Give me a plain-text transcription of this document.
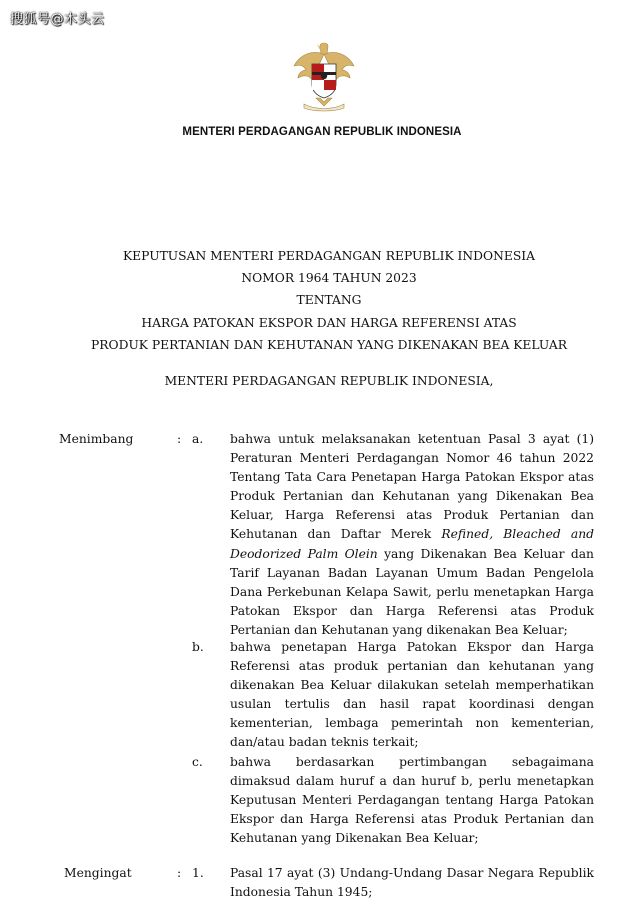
搜狐号@木头云
MENTERI PERDAGANGAN REPUBLIK INDONESIA
KEPUTUSAN MENTERI PERDAGANGAN REPUBLIK INDONESIA
NOMOR 1964 TAHUN 2023
TENTANG
HARGA PATOKAN EKSPOR DAN HARGA REFERENSI ATAS
PRODUK PERTANIAN DAN KEHUTANAN YANG DIKENAKAN BEA KELUAR
MENTERI PERDAGANGAN REPUBLIK INDONESIA,
Menimbang	: a. bahwa untuk melaksanakan ketentuan Pasal 3 ayat (1)
Peraturan Menteri Perdagangan Nomor 46 tahun 2022
Tentang Tata Cara Penetapan Harga Patokan Ekspor atas
Produk Pertanian dan Kehutanan yang Dikenakan Bea
Keluar, Harga Referensi atas Produk Pertanian dan
Kehutanan dan Daftar Merek Refined, Bleached and
Deodorized Palm Olein yang Dikenakan Bea Keluar dan
Tarif Layanan Badan Layanan Umum Badan Pengelola
Dana Perkebunan Kelapa Sawit, perlu menetapkan Harga
Patokan Ekspor dan Harga Referensi atas Produk
Pertanian dan Kehutanan yang dikenakan Bea Keluar;
b. bahwa penetapan Harga Patokan Ekspor dan Harga
Referensi atas produk pertanian dan kehutanan yang
dikenakan Bea Keluar dilakukan setelah memperhatikan
usulan tertulis dan hasil rapat koordinasi dengan
kementerian, lembaga pemerintah non kementerian,
dan/atau badan teknis terkait;
c. bahwa berdasarkan pertimbangan sebagaimana
dimaksud dalam huruf a dan huruf b, perlu menetapkan
Keputusan Menteri Perdagangan tentang Harga Patokan
Ekspor dan Harga Referensi atas Produk Pertanian dan
Kehutanan yang Dikenakan Bea Keluar;
Mengingat	: 1. Pasal 17 ayat (3) Undang-Undang Dasar Negara Republik
Indonesia Tahun 1945;
